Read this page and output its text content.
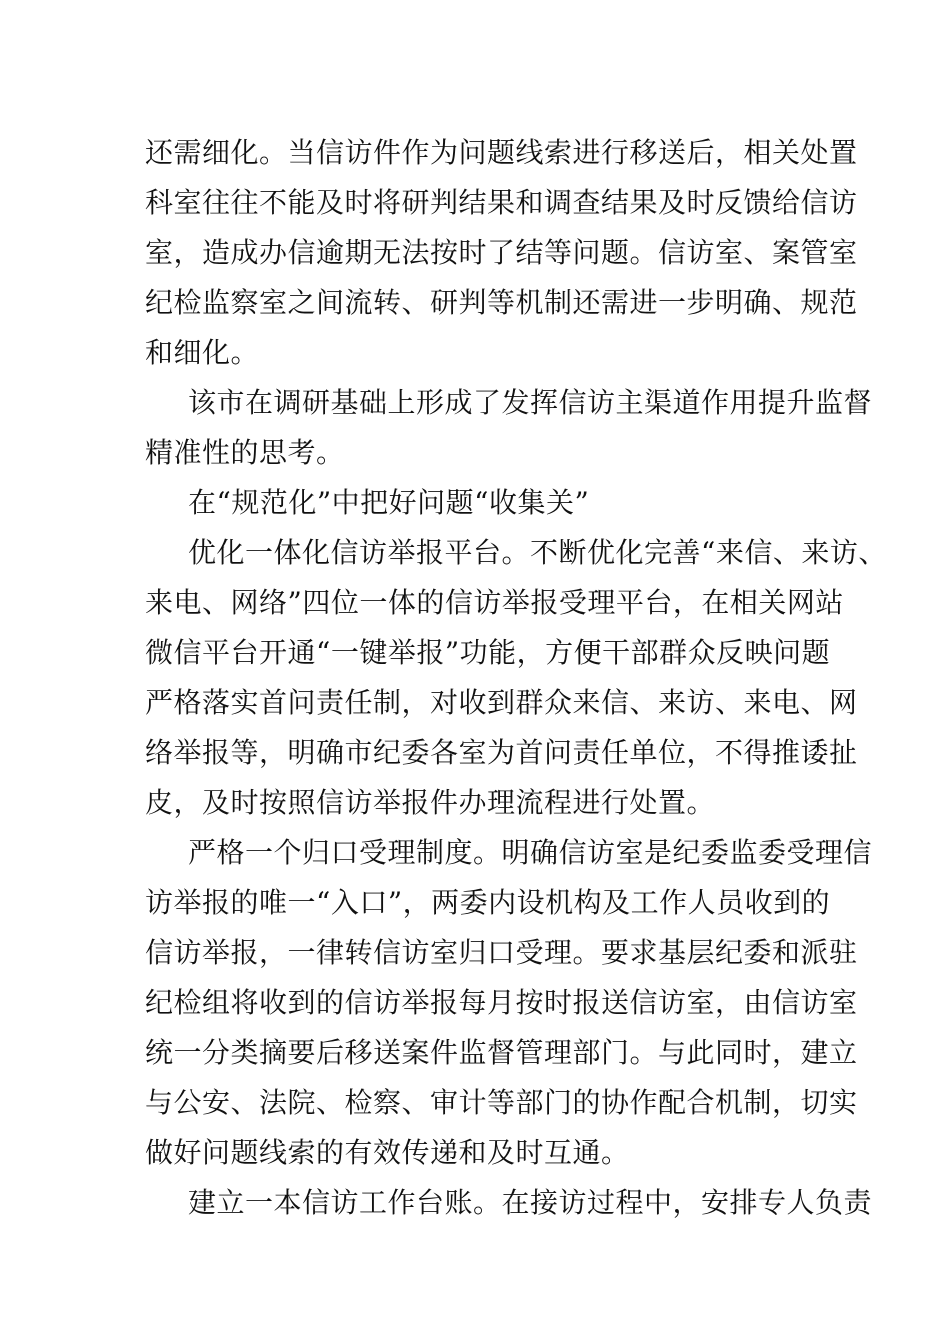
还需细化。当信访件作为问题线索进行移送后，相关处置
科室往往不能及时将研判结果和调查结果及时反馈给信访
室，造成办信逾期无法按时了结等问题。信访室、案管室
纪检监察室之间流转、研判等机制还需进一步明确、规范
和细化。
该市在调研基础上形成了发挥信访主渠道作用提升监督
精准性的思考。
在“规范化”中把好问题“收集关”
优化一体化信访举报平台。不断优化完善“来信、来访、
来电、网络”四位一体的信访举报受理平台，在相关网站
微信平台开通“一键举报”功能，方便干部群众反映问题
严格落实首问责任制，对收到群众来信、来访、来电、网
络举报等，明确市纪委各室为首问责任单位，不得推诿扯
皮，及时按照信访举报件办理流程进行处置。
严格一个归口受理制度。明确信访室是纪委监委受理信
访举报的唯一“入口”，两委内设机构及工作人员收到的
信访举报，一律转信访室归口受理。要求基层纪委和派驻
纪检组将收到的信访举报每月按时报送信访室，由信访室
统一分类摘要后移送案件监督管理部门。与此同时，建立
与公安、法院、检察、审计等部门的协作配合机制，切实
做好问题线索的有效传递和及时互通。
建立一本信访工作台账。在接访过程中，安排专人负责
